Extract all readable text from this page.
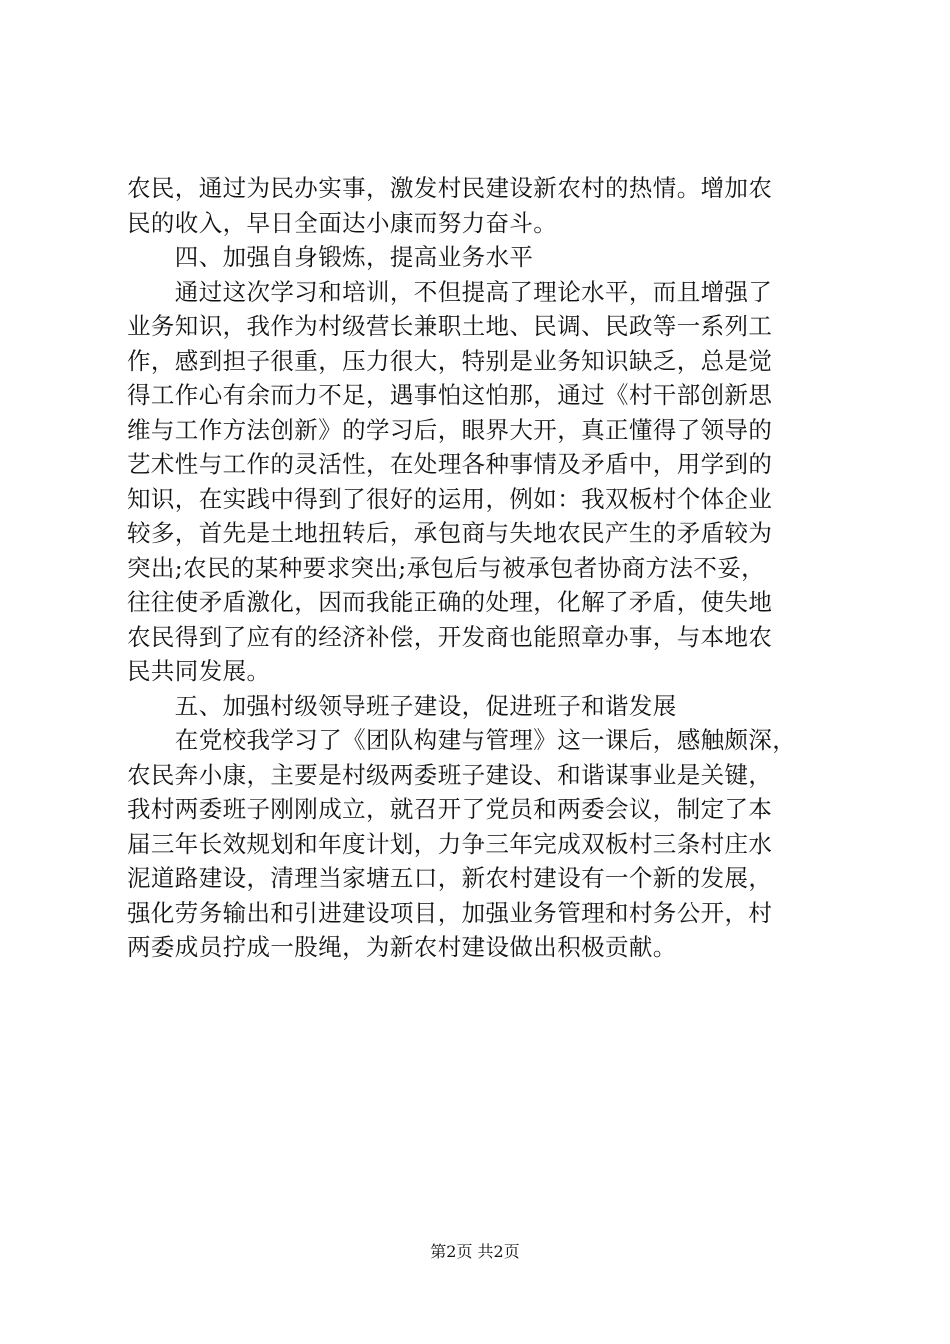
农民，通过为民办实事，激发村民建设新农村的热情。增加农
民的收入，早日全面达小康而努力奋斗。
　　四、加强自身锻炼，提高业务水平
　　通过这次学习和培训，不但提高了理论水平，而且增强了
业务知识，我作为村级营长兼职土地、民调、民政等一系列工
作，感到担子很重，压力很大，特别是业务知识缺乏，总是觉
得工作心有余而力不足，遇事怕这怕那，通过《村干部创新思
维与工作方法创新》的学习后，眼界大开，真正懂得了领导的
艺术性与工作的灵活性，在处理各种事情及矛盾中，用学到的
知识，在实践中得到了很好的运用，例如：我双板村个体企业
较多，首先是土地扭转后，承包商与失地农民产生的矛盾较为
突出;农民的某种要求突出;承包后与被承包者协商方法不妥，
往往使矛盾激化，因而我能正确的处理，化解了矛盾，使失地
农民得到了应有的经济补偿，开发商也能照章办事，与本地农
民共同发展。
　　五、加强村级领导班子建设，促进班子和谐发展
　　在党校我学习了《团队构建与管理》这一课后，感触颇深，
农民奔小康，主要是村级两委班子建设、和谐谋事业是关键，
我村两委班子刚刚成立，就召开了党员和两委会议，制定了本
届三年长效规划和年度计划，力争三年完成双板村三条村庄水
泥道路建设，清理当家塘五口，新农村建设有一个新的发展，
强化劳务输出和引进建设项目，加强业务管理和村务公开，村
两委成员拧成一股绳，为新农村建设做出积极贡献。
第2页 共2页
